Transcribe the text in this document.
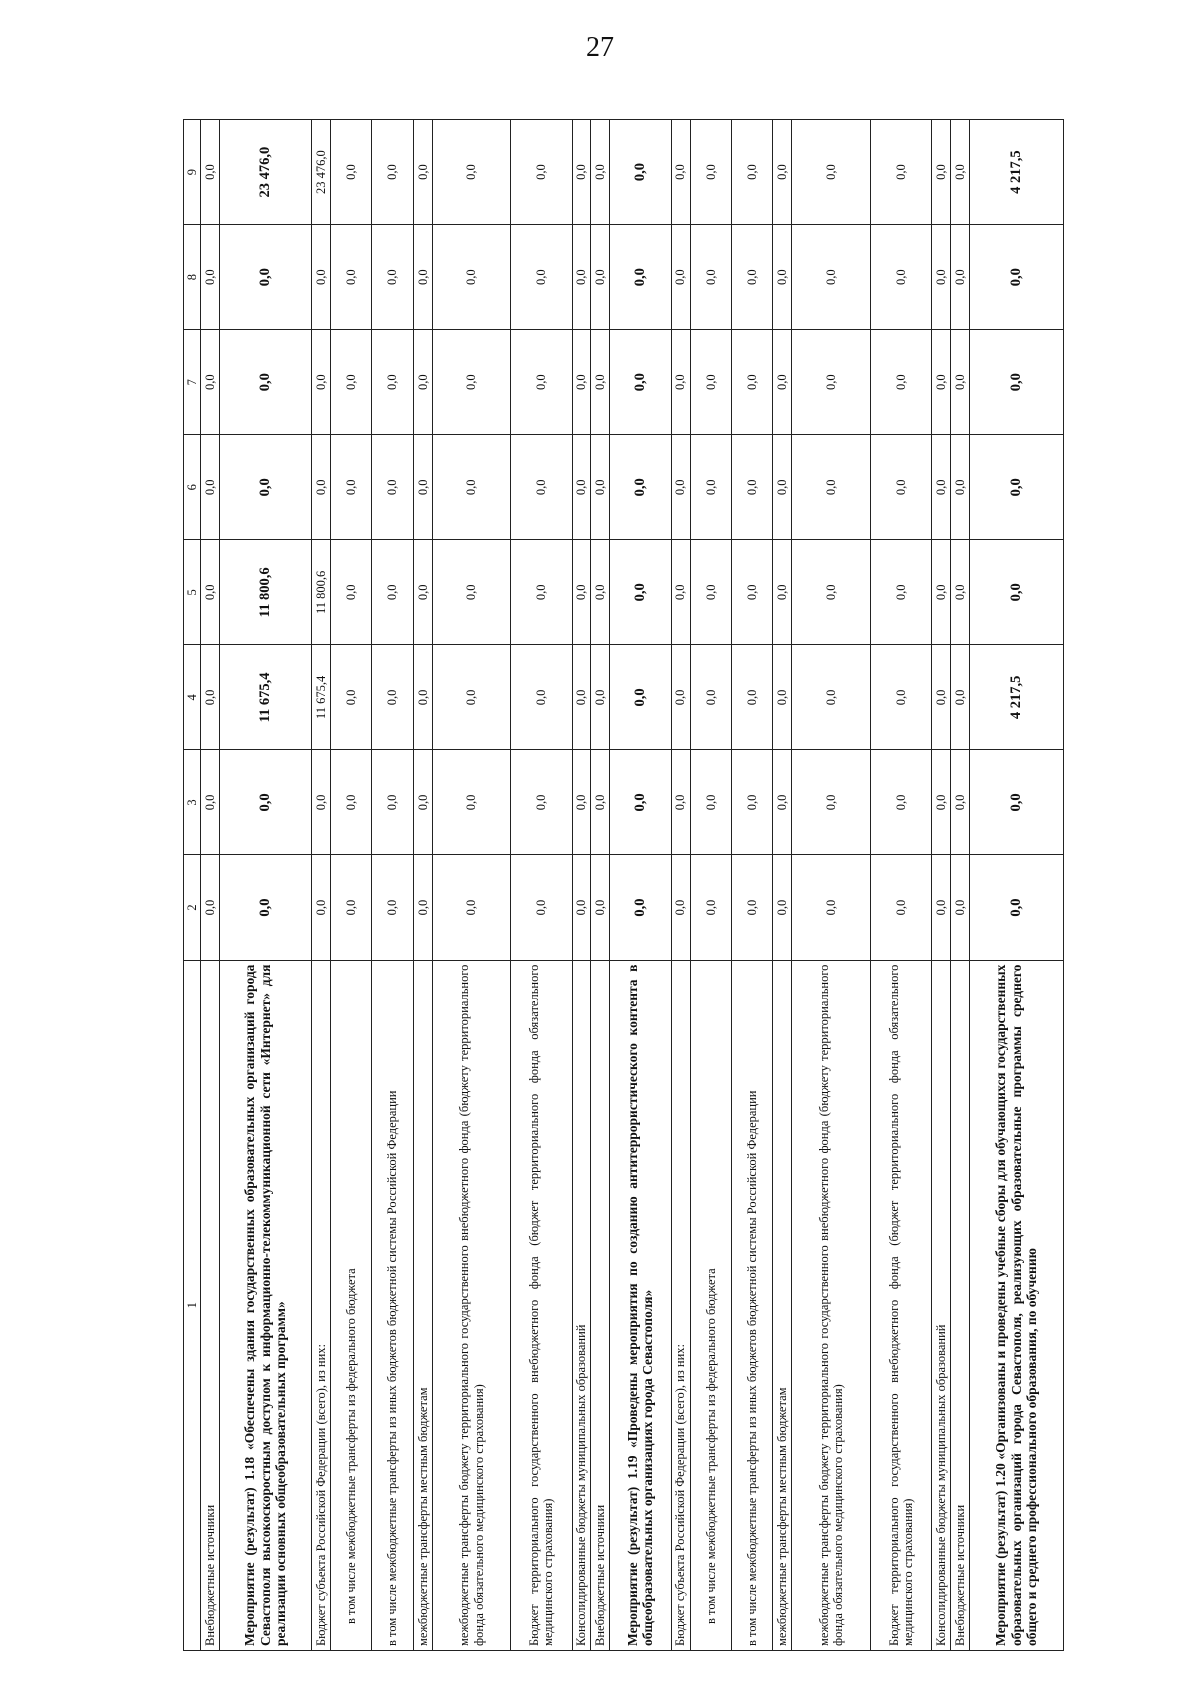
27
1	2	3	4	5	6	7	8	9
Внебюджетные источники	0,0	0,0	0,0	0,0	0,0	0,0	0,0	0,0
Мероприятие (результат) 1.18 «Обеспечены здания государственных образовательных организаций города Севастополя высокоскоростным доступом к информационно-телекоммуникационной сети «Интернет» для реализации основных общеобразовательных программ»	0,0	0,0	11 675,4	11 800,6	0,0	0,0	0,0	23 476,0
Бюджет субъекта Российской Федерации (всего), из них:	0,0	0,0	11 675,4	11 800,6	0,0	0,0	0,0	23 476,0
в том числе межбюджетные трансферты из федерального бюджета	0,0	0,0	0,0	0,0	0,0	0,0	0,0	0,0
в том числе межбюджетные трансферты из иных бюджетов бюджетной системы Российской Федерации	0,0	0,0	0,0	0,0	0,0	0,0	0,0	0,0
межбюджетные трансферты местным бюджетам	0,0	0,0	0,0	0,0	0,0	0,0	0,0	0,0
межбюджетные трансферты бюджету территориального государственного внебюджетного фонда (бюджету территориального фонда обязательного медицинского страхования)	0,0	0,0	0,0	0,0	0,0	0,0	0,0	0,0
Бюджет территориального государственного внебюджетного фонда (бюджет территориального фонда обязательного медицинского страхования)	0,0	0,0	0,0	0,0	0,0	0,0	0,0	0,0
Консолидированные бюджеты муниципальных образований	0,0	0,0	0,0	0,0	0,0	0,0	0,0	0,0
Внебюджетные источники	0,0	0,0	0,0	0,0	0,0	0,0	0,0	0,0
Мероприятие (результат) 1.19 «Проведены мероприятия по созданию антитеррористического контента в общеобразовательных организациях города Севастополя»	0,0	0,0	0,0	0,0	0,0	0,0	0,0	0,0
Бюджет субъекта Российской Федерации (всего), из них:	0,0	0,0	0,0	0,0	0,0	0,0	0,0	0,0
в том числе межбюджетные трансферты из федерального бюджета	0,0	0,0	0,0	0,0	0,0	0,0	0,0	0,0
в том числе межбюджетные трансферты из иных бюджетов бюджетной системы Российской Федерации	0,0	0,0	0,0	0,0	0,0	0,0	0,0	0,0
межбюджетные трансферты местным бюджетам	0,0	0,0	0,0	0,0	0,0	0,0	0,0	0,0
межбюджетные трансферты бюджету территориального государственного внебюджетного фонда (бюджету территориального фонда обязательного медицинского страхования)	0,0	0,0	0,0	0,0	0,0	0,0	0,0	0,0
Бюджет территориального государственного внебюджетного фонда (бюджет территориального фонда обязательного медицинского страхования)	0,0	0,0	0,0	0,0	0,0	0,0	0,0	0,0
Консолидированные бюджеты муниципальных образований	0,0	0,0	0,0	0,0	0,0	0,0	0,0	0,0
Внебюджетные источники	0,0	0,0	0,0	0,0	0,0	0,0	0,0	0,0
Мероприятие (результат) 1.20 «Организованы и проведены учебные сборы для обучающихся государственных образовательных организаций города Севастополя, реализующих образовательные программы среднего общего и среднего профессионального образования, по обучению	0,0	0,0	4 217,5	0,0	0,0	0,0	0,0	4 217,5
